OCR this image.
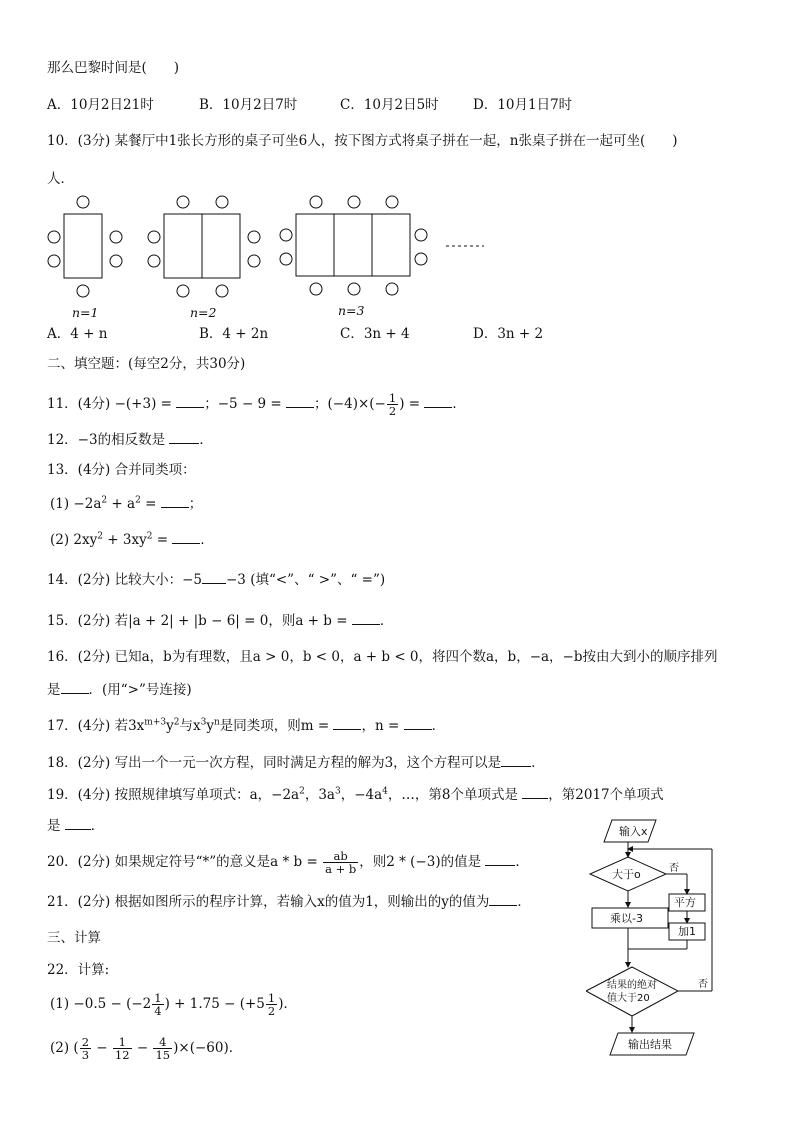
那么巴黎时间是(　　)
A．10月2日21时	B．10月2日7时	C．10月2日5时	D．10月1日7时
10．(3分) 某餐厅中1张长方形的桌子可坐6人，按下图方式将桌子拼在一起，n张桌子拼在一起可坐(　　)
人．
n=1	n=2	n=3
A．4 + n	B．4 + 2n	C．3n + 4	D．3n + 2
二、填空题：(每空2分，共30分)
11．(4分) −(+3) = ；−5 − 9 = ；$(-4)\times(- \frac{1}{2}$ ) = ．
12．−3的相反数是 ．
13．(4分) 合并同类项：
$(1) -2a^2 + a^2$ = ；
(2) $2xy^2 + 3xy^2$ = ．
14．(2分) 比较大小：−5 −3 (填“<”、“ >”、“ =”)
15．(2分) 若|a + 2| + |b − 6| = 0，则a + b = ．
16．(2分) 已知a，b为有理数，且a > 0，b < 0，a + b < 0，将四个数a，b，−a，−b按由大到小的顺序排列
是 ．(用“>”号连接)
17．(4分) 若$3x^{m+3}y^2$与$x^3y^n$是同类项，则m = ，n = ．
18．(2分) 写出一个一元一次方程，同时满足方程的解为3，这个方程可以是 ．
19．(4分) 按照规律填写单项式：a，$-2a^2$，$3a^3$，$-4a^4$，…，第8个单项式是 ，第2017个单项式
是 ．
20．(2分) 如果规定符号“*”的意义是$a * b = \frac{ab}{a + b}$ ，则2 * (−3)的值是 ．
21．(2分) 根据如图所示的程序计算，若输入x的值为1，则输出的y的值为 ．
三、计算
22．计算:
$(1) -0.5 - (-2 \frac{1}{4}$ ) + $1.75 - (+5 \frac{1}{2}$ )．
(2) ( $\frac{2}{3} - \frac{1}{12} - \frac{4}{15} )\times(-60)$．
输入x
大于o	否
平方
乘以-3
加1
结果的绝对
值大于20
否
输出结果
